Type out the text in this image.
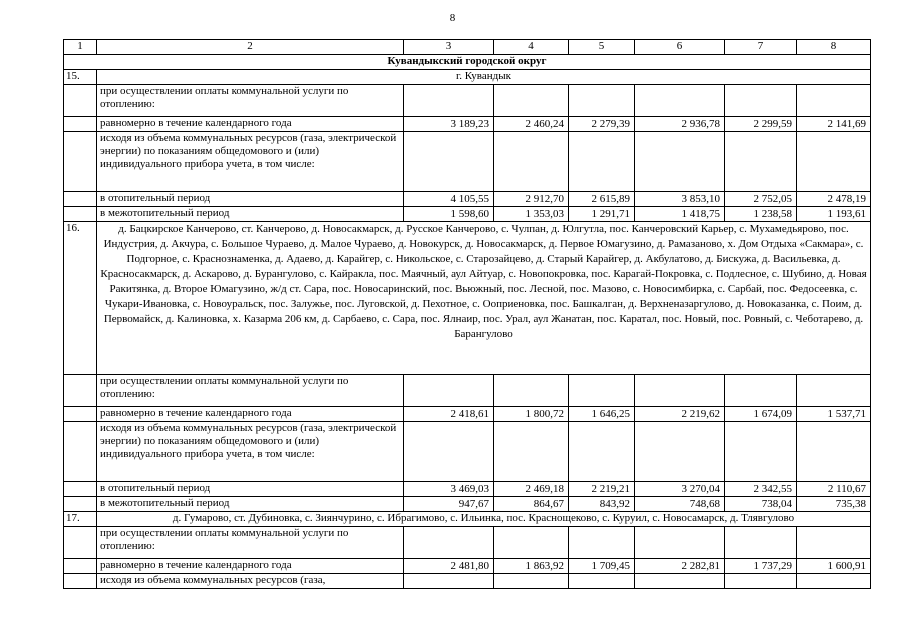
8
1	2	3	4	5	6	7	8
Кувандыкский городской округ							
15.	г. Кувандык						
	при осуществлении оплаты коммунальной услуги по отоплению:						
	равномерно в течение календарного года	3 189,23	2 460,24	2 279,39	2 936,78	2 299,59	2 141,69
	исходя из объема коммунальных ресурсов (газа, электрической энергии) по показаниям общедомового и (или) индивидуального прибора учета, в том числе:						
	в отопительный период	4 105,55	2 912,70	2 615,89	3 853,10	2 752,05	2 478,19
	в межотопительный период	1 598,60	1 353,03	1 291,71	1 418,75	1 238,58	1 193,61
16.	д. Бацкирское Канчерово, ст. Канчерово, д. Новосакмарск, д. Русское Канчерово, с. Чулпан, д. Юлгутла, пос. Канчеровский Карьер, с. Мухамедьярово, пос. Индустрия, д. Акчура, с. Большое Чураево, д. Малое Чураево, д. Новокурск, д. Новосакмарск, д. Первое Юмагузино, д. Рамазаново, х. Дом Отдыха «Сакмара», с. Подгорное, с. Краснознаменка, д. Адаево, д. Карайгер, с. Никольское, с. Старозайцево, д. Старый Карайгер, д. Акбулатово, д. Бискужа, д. Васильевка, д. Красносакмарск, д. Аскарово, д. Бурангулово, с. Кайракла, пос. Маячный, аул Айтуар, с. Новопокровка, пос. Карагай-Покровка, с. Подлесное, с. Шубино, д. Новая Ракитянка, д. Второе Юмагузино, ж/д ст. Сара, пос. Новосаринский, пос. Вьюжный, пос. Лесной, пос. Мазово, с. Новосимбирка, с. Сарбай, пос. Федосеевка, с. Чукари-Ивановка, с. Новоуральск, пос. Залужье, пос. Луговской, д. Пехотное, с. Ооприеновка, пос. Башкалган, д. Верхненазаргулово, д. Новоказанка, с. Поим, д. Первомайск, д. Калиновка, х. Казарма 206 км, д. Сарбаево, с. Сара, пос. Ялнаир, пос. Урал, аул Жанатан, пос. Каратал, пос. Новый, пос. Ровный, с. Чеботарево, д. Барангулово						
	при осуществлении оплаты коммунальной услуги по отоплению:						
	равномерно в течение календарного года	2 418,61	1 800,72	1 646,25	2 219,62	1 674,09	1 537,71
	исходя из объема коммунальных ресурсов (газа, электрической энергии) по показаниям общедомового и (или) индивидуального прибора учета, в том числе:						
	в отопительный период	3 469,03	2 469,18	2 219,21	3 270,04	2 342,55	2 110,67
	в межотопительный период	947,67	864,67	843,92	748,68	738,04	735,38
17.	д. Гумарово, ст. Дубиновка, с. Зиянчурино, с. Ибрагимово, с. Ильинка, пос. Краснощеково, с. Куруил, с. Новосамарск, д. Тлявгулово						
	при осуществлении оплаты коммунальной услуги по отоплению:						
	равномерно в течение календарного года	2 481,80	1 863,92	1 709,45	2 282,81	1 737,29	1 600,91
	исходя из объема коммунальных ресурсов (газа,						
